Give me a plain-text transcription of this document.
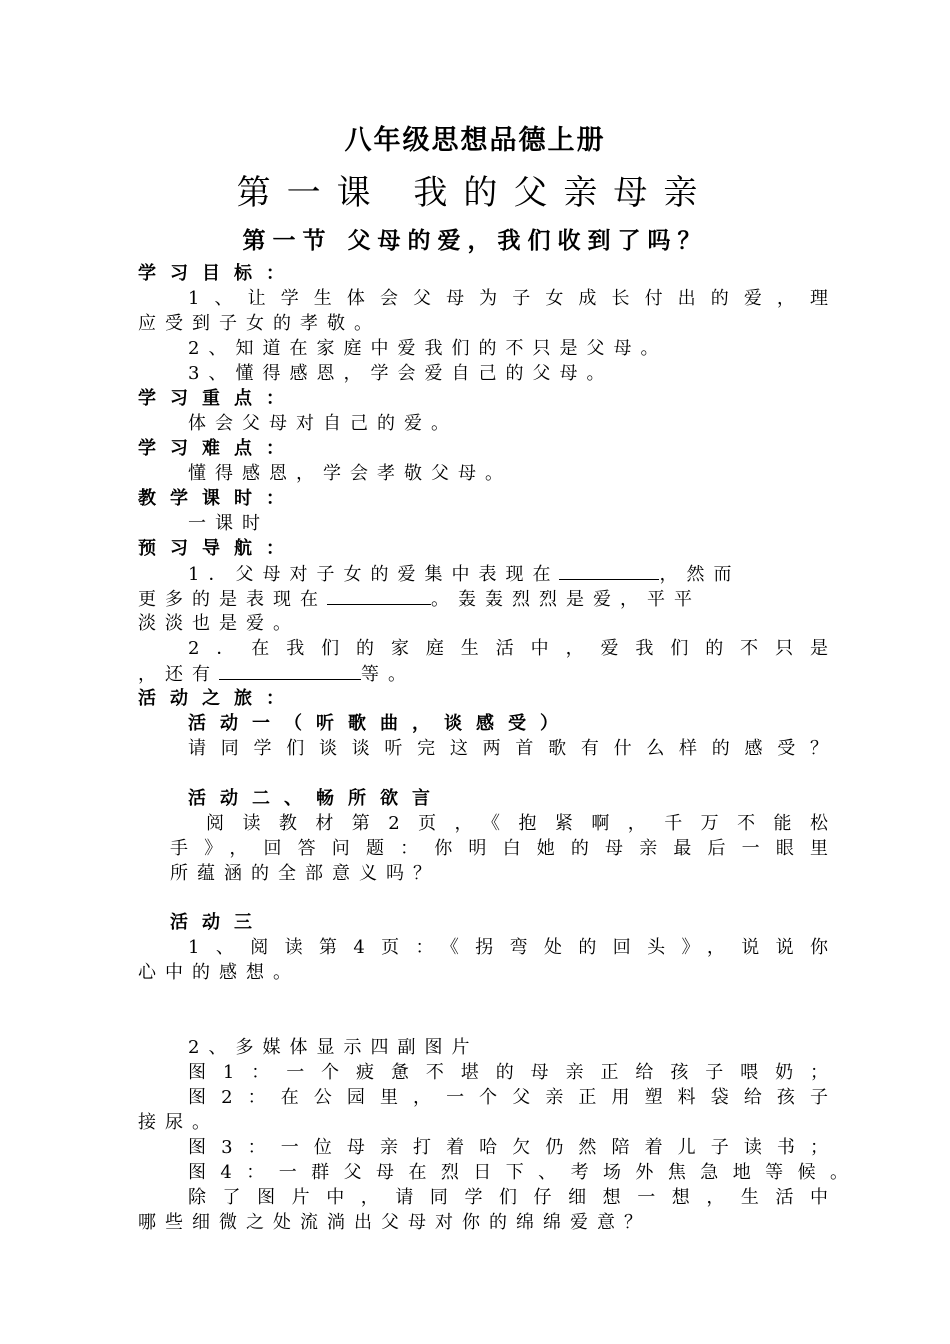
八年级思想品德上册
第一课 我的父亲母亲
第一节 父母的爱，我们收到了吗？
学习目标：
1、让学生体会父母为子女成长付出的爱，理
应受到子女的孝敬。
2、知道在家庭中爱我们的不只是父母。
3、懂得感恩，学会爱自己的父母。
学习重点：
体会父母对自己的爱。
学习难点：
懂得感恩，学会孝敬父母。
教学课时：
一课时
预习导航：
1．父母对子女的爱集中表现在	，然而
更多的是表现在	。轰轰烈烈是爱，平平
淡淡也是爱。
2．在我们的家庭生活中，爱我们的不只是
，还有	等。
活动之旅：
活动一（听歌曲，谈感受）
请同学们谈谈听完这两首歌有什么样的感受？
活动二、畅所欲言
阅读教材第2页，《抱紧啊，千万不能松
手》，回答问题：你明白她的母亲最后一眼里
所蕴涵的全部意义吗？
活动三
1、阅读第4页：《拐弯处的回头》，说说你
心中的感想。
2、多媒体显示四副图片
图1：一个疲惫不堪的母亲正给孩子喂奶；
图2：在公园里，一个父亲正用塑料袋给孩子
接尿。
图3：一位母亲打着哈欠仍然陪着儿子读书；
图4：一群父母在烈日下、考场外焦急地等候。
除了图片中，请同学们仔细想一想，生活中
哪些细微之处流淌出父母对你的绵绵爱意？
